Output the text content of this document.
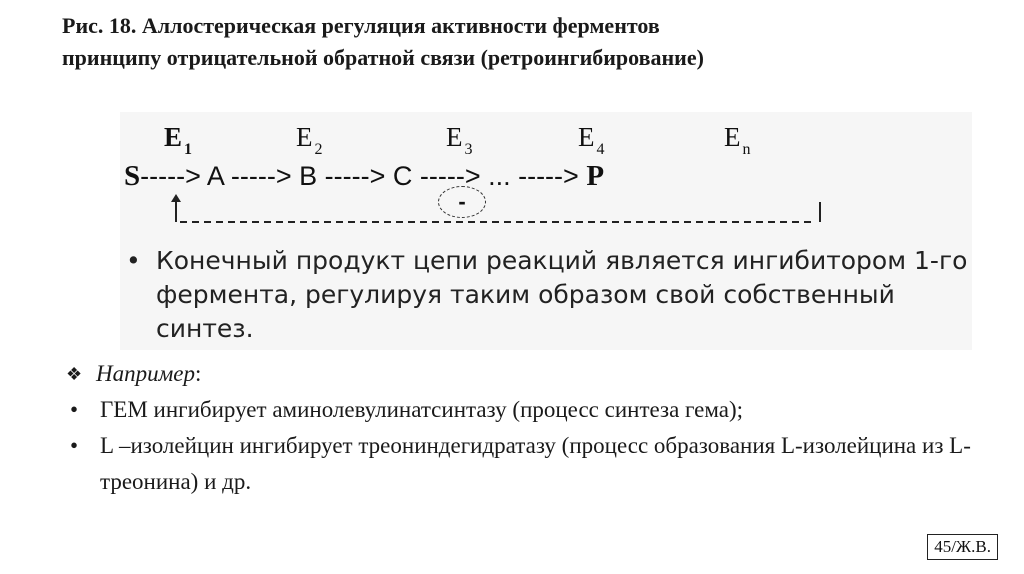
Рис. 18. Аллостерическая регуляция активности ферментов
принципу отрицательной обратной связи (ретроингибирование)
$E_1$	$E_2$	$E_3$	$E_4$	$E_n$
S-----> A -----> B -----> C -----> ... -----> P
-
• Конечный продукт цепи реакций является ингибитором 1-го фермента, регулируя таким образом свой собственный синтез.
❖ Например :
• ГЕМ ингибирует аминолевулинатсинтазу (процесс синтеза гема);
• L –изолейцин ингибирует треониндегидратазу (процесс образования L-изолейцина из L-треонина) и др.
45/Ж.В.
